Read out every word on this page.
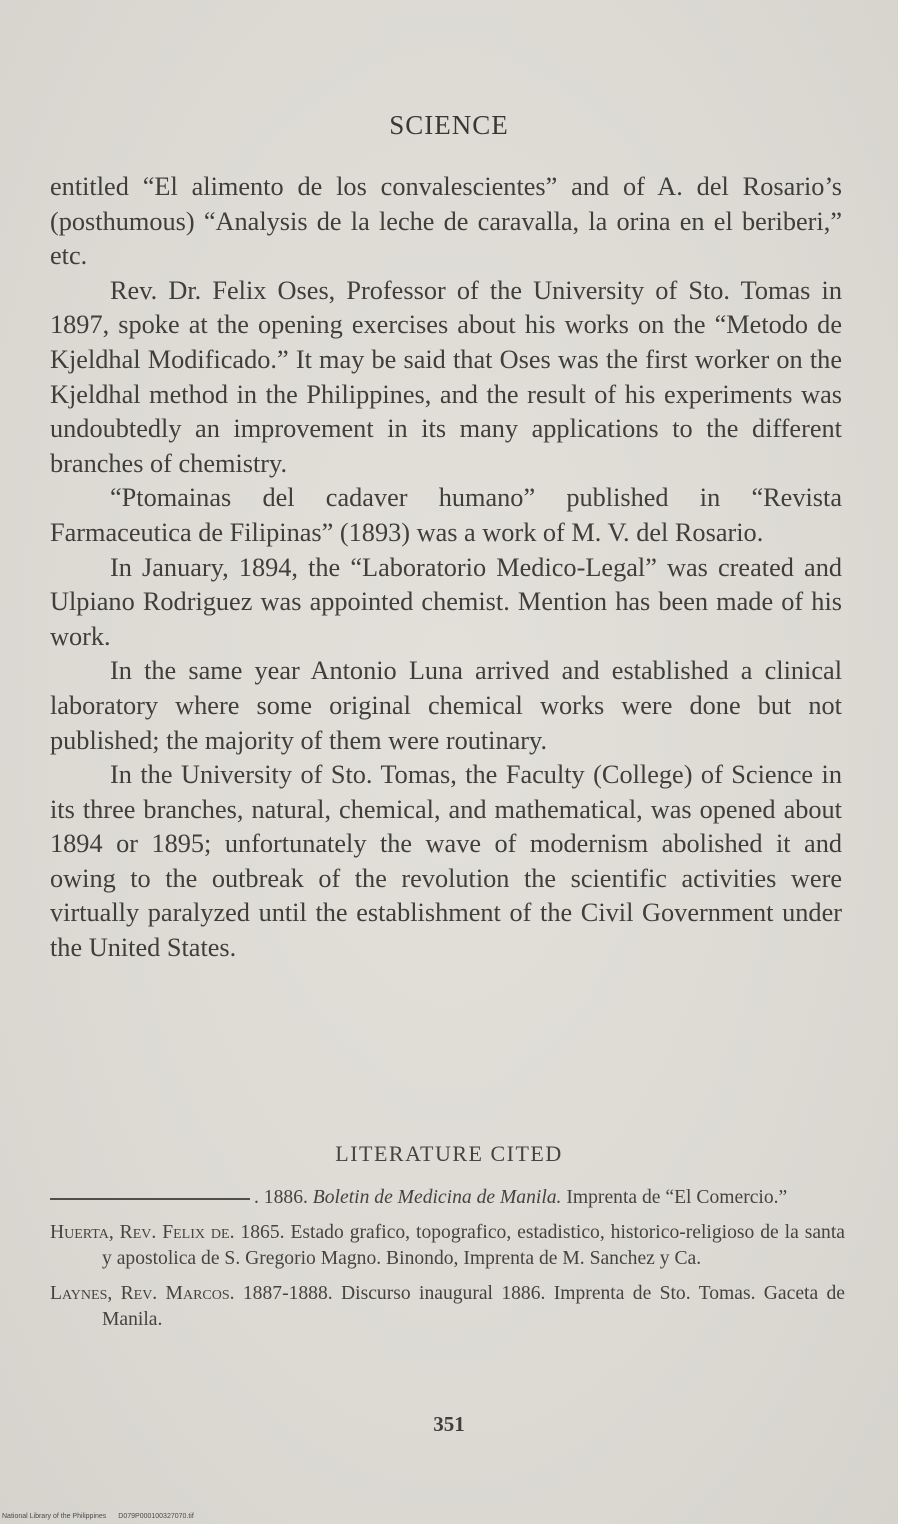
SCIENCE

entitled “El alimento de los convalescientes” and of A. del Rosario’s (posthumous) “Analysis de la leche de caravalla, la orina en el beriberi,” etc.

Rev. Dr. Felix Oses, Professor of the University of Sto. Tomas in 1897, spoke at the opening exercises about his works on the “Metodo de Kjeldhal Modificado.” It may be said that Oses was the first worker on the Kjeldhal method in the Philippines, and the result of his experiments was undoubtedly an improvement in its many applications to the different branches of chemistry.

“Ptomainas del cadaver humano” published in “Revista Farmaceutica de Filipinas” (1893) was a work of M. V. del Rosario.

In January, 1894, the “Laboratorio Medico-Legal” was created and Ulpiano Rodriguez was appointed chemist. Mention has been made of his work.

In the same year Antonio Luna arrived and established a clinical laboratory where some original chemical works were done but not published; the majority of them were routinary.

In the University of Sto. Tomas, the Faculty (College) of Science in its three branches, natural, chemical, and mathematical, was opened about 1894 or 1895; unfortunately the wave of modernism abolished it and owing to the outbreak of the revolution the scientific activities were virtually paralyzed until the establishment of the Civil Government under the United States.

LITERATURE CITED

. 1886. Boletin de Medicina de Manila. Imprenta de “El Comercio.”

Huerta, Rev. Felix de. 1865. Estado grafico, topografico, estadistico, historico-religioso de la santa y apostolica de S. Gregorio Magno. Binondo, Imprenta de M. Sanchez y Ca.

Laynes, Rev. Marcos. 1887-1888. Discurso inaugural 1886. Imprenta de Sto. Tomas. Gaceta de Manila.

351
National Library of the Philippines D079P000100327070.tif
